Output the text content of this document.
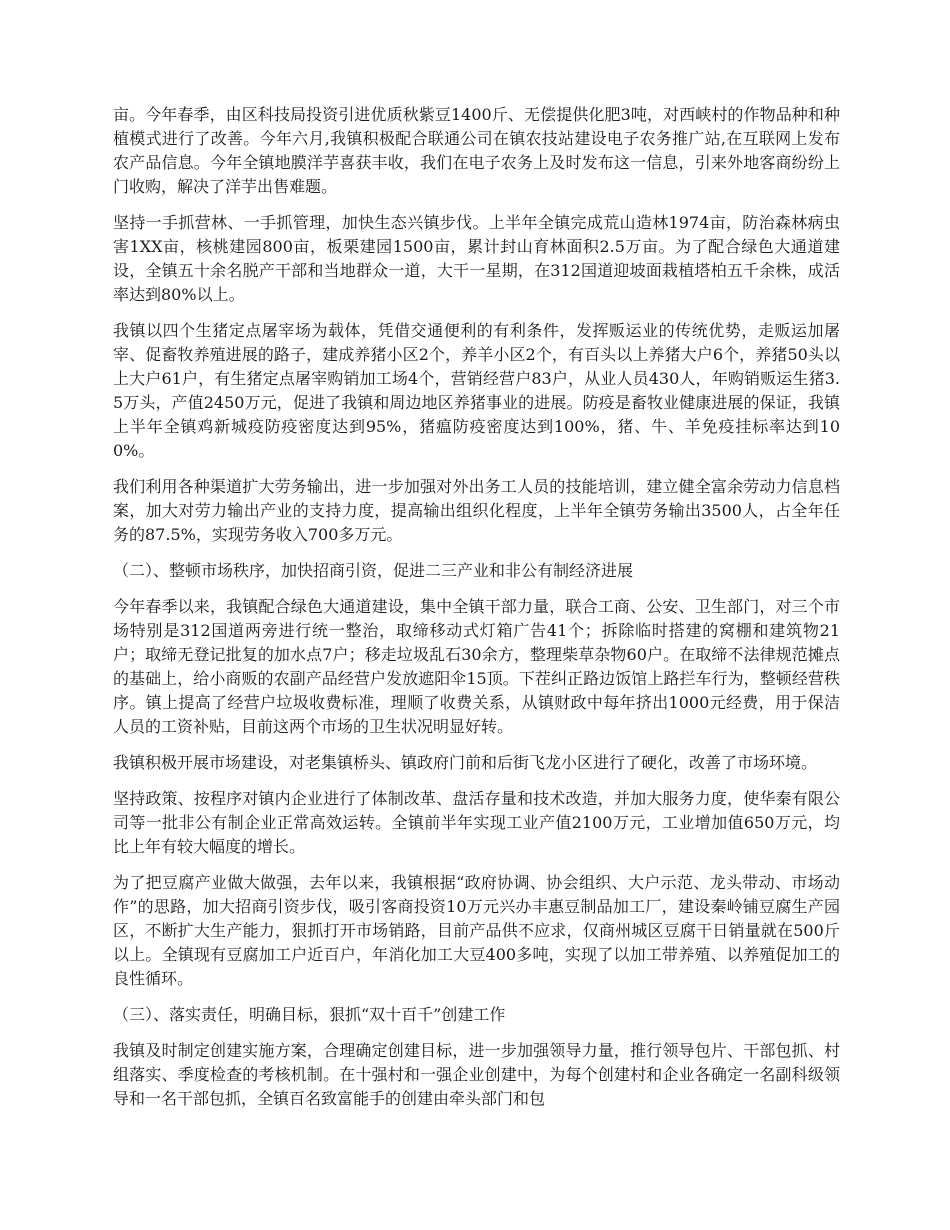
亩。今年春季，由区科技局投资引进优质秋紫豆1400斤、无偿提供化肥3吨，对西峡村的作物品种和种植模式进行了改善。今年六月,我镇积极配合联通公司在镇农技站建设电子农务推广站,在互联网上发布农产品信息。今年全镇地膜洋芋喜获丰收，我们在电子农务上及时发布这一信息，引来外地客商纷纷上门收购，解决了洋芋出售难题。

坚持一手抓营林、一手抓管理，加快生态兴镇步伐。上半年全镇完成荒山造林1974亩，防治森林病虫害1XX亩，核桃建园800亩，板栗建园1500亩，累计封山育林面积2.5万亩。为了配合绿色大通道建设，全镇五十余名脱产干部和当地群众一道，大干一星期，在312国道迎坡面栽植塔柏五千余株，成活率达到80%以上。

我镇以四个生猪定点屠宰场为载体，凭借交通便利的有利条件，发挥贩运业的传统优势，走贩运加屠宰、促畜牧养殖进展的路子，建成养猪小区2个，养羊小区2个，有百头以上养猪大户6个，养猪50头以上大户61户，有生猪定点屠宰购销加工场4个，营销经营户83户，从业人员430人，年购销贩运生猪3.5万头，产值2450万元，促进了我镇和周边地区养猪事业的进展。防疫是畜牧业健康进展的保证，我镇上半年全镇鸡新城疫防疫密度达到95%，猪瘟防疫密度达到100%，猪、牛、羊免疫挂标率达到100%。

我们利用各种渠道扩大劳务输出，进一步加强对外出务工人员的技能培训，建立健全富余劳动力信息档案，加大对劳力输出产业的支持力度，提高输出组织化程度，上半年全镇劳务输出3500人，占全年任务的87.5%，实现劳务收入700多万元。

（二）、整顿市场秩序，加快招商引资，促进二三产业和非公有制经济进展

今年春季以来，我镇配合绿色大通道建设，集中全镇干部力量，联合工商、公安、卫生部门，对三个市场特别是312国道两旁进行统一整治，取缔移动式灯箱广告41个；拆除临时搭建的窝棚和建筑物21户；取缔无登记批复的加水点7户；移走垃圾乱石30余方，整理柴草杂物60户。在取缔不法律规范摊点的基础上，给小商贩的农副产品经营户发放遮阳伞15顶。下茬纠正路边饭馆上路拦车行为，整顿经营秩序。镇上提高了经营户垃圾收费标准，理顺了收费关系，从镇财政中每年挤出1000元经费，用于保洁人员的工资补贴，目前这两个市场的卫生状况明显好转。

我镇积极开展市场建设，对老集镇桥头、镇政府门前和后街飞龙小区进行了硬化，改善了市场环境。

坚持政策、按程序对镇内企业进行了体制改革、盘活存量和技术改造，并加大服务力度，使华秦有限公司等一批非公有制企业正常高效运转。全镇前半年实现工业产值2100万元，工业增加值650万元，均比上年有较大幅度的增长。

为了把豆腐产业做大做强，去年以来，我镇根据“政府协调、协会组织、大户示范、龙头带动、市场动作”的思路，加大招商引资步伐，吸引客商投资10万元兴办丰惠豆制品加工厂，建设秦岭铺豆腐生产园区，不断扩大生产能力，狠抓打开市场销路，目前产品供不应求，仅商州城区豆腐干日销量就在500斤以上。全镇现有豆腐加工户近百户，年消化加工大豆400多吨，实现了以加工带养殖、以养殖促加工的良性循环。

（三）、落实责任，明确目标，狠抓“双十百千”创建工作

我镇及时制定创建实施方案，合理确定创建目标，进一步加强领导力量，推行领导包片、干部包抓、村组落实、季度检查的考核机制。在十强村和一强企业创建中，为每个创建村和企业各确定一名副科级领导和一名干部包抓，全镇百名致富能手的创建由牵头部门和包
